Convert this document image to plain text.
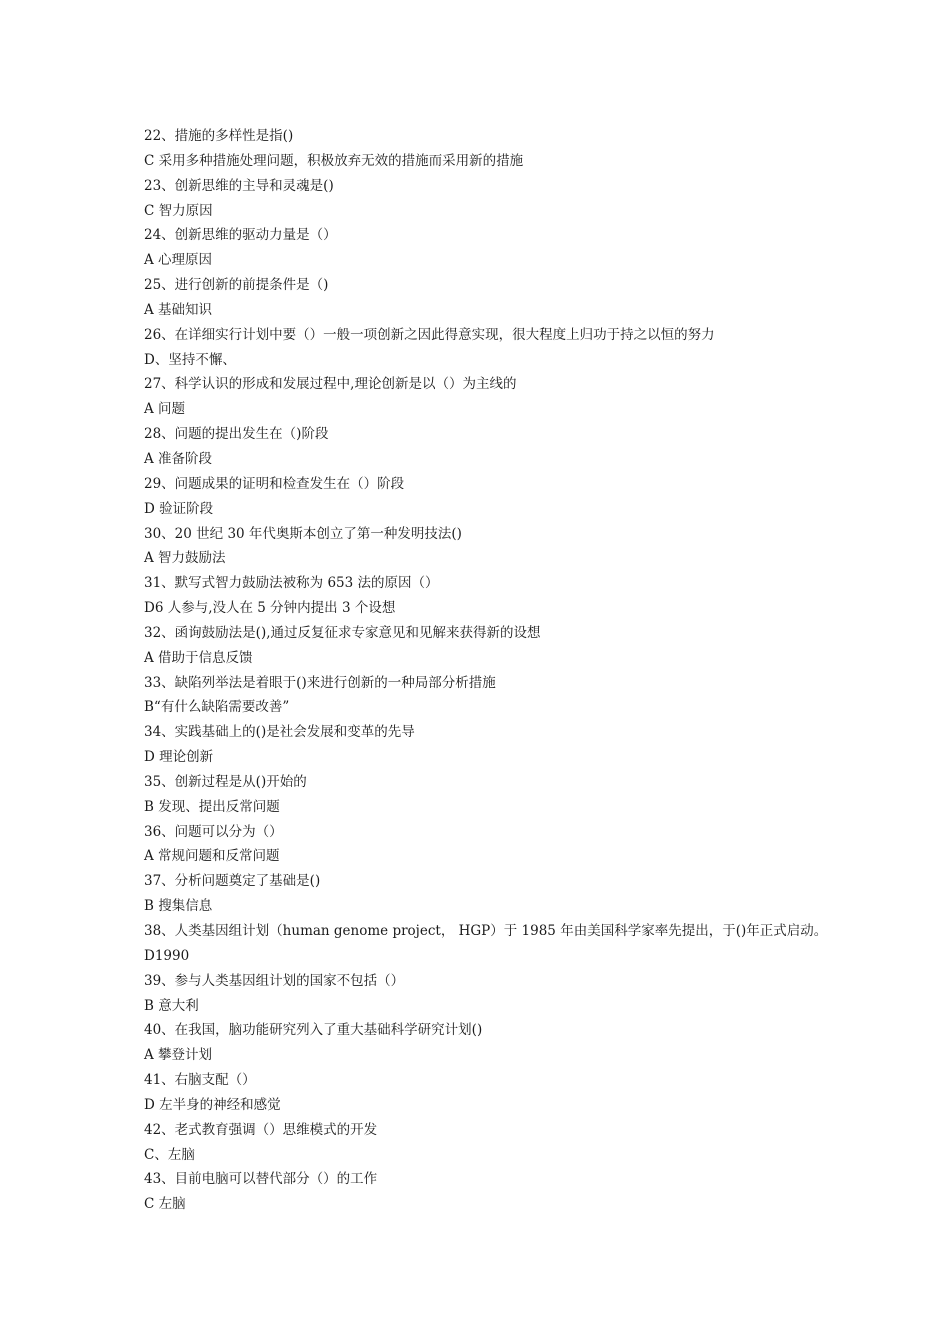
22、措施的多样性是指()
C 采用多种措施处理问题，积极放弃无效的措施而采用新的措施
23、创新思维的主导和灵魂是()
C 智力原因
24、创新思维的驱动力量是（）
A 心理原因
25、进行创新的前提条件是（)
A 基础知识
26、在详细实行计划中要（）一般一项创新之因此得意实现，很大程度上归功于持之以恒的努力
D、坚持不懈、
27、科学认识的形成和发展过程中,理论创新是以（）为主线的
A 问题
28、问题的提出发生在（)阶段
A 准备阶段
29、问题成果的证明和检查发生在（）阶段
D 验证阶段
30、20 世纪 30 年代奥斯本创立了第一种发明技法()
A 智力鼓励法
31、默写式智力鼓励法被称为 653 法的原因（）
D6 人参与,没人在 5 分钟内提出 3 个设想
32、函询鼓励法是(),通过反复征求专家意见和见解来获得新的设想
A 借助于信息反馈
33、缺陷列举法是着眼于()来进行创新的一种局部分析措施
B“有什么缺陷需要改善”
34、实践基础上的()是社会发展和变革的先导
D 理论创新
35、创新过程是从()开始的
B 发现、提出反常问题
36、问题可以分为（）
A 常规问题和反常问题
37、分析问题奠定了基础是()
B 搜集信息
38、人类基因组计划（human genome project， HGP）于 1985 年由美国科学家率先提出，于()年正式启动。
D1990
39、参与人类基因组计划的国家不包括（）
B 意大利
40、在我国，脑功能研究列入了重大基础科学研究计划()
A 攀登计划
41、右脑支配（）
D 左半身的神经和感觉
42、老式教育强调（）思维模式的开发
C、左脑
43、目前电脑可以替代部分（）的工作
C 左脑
